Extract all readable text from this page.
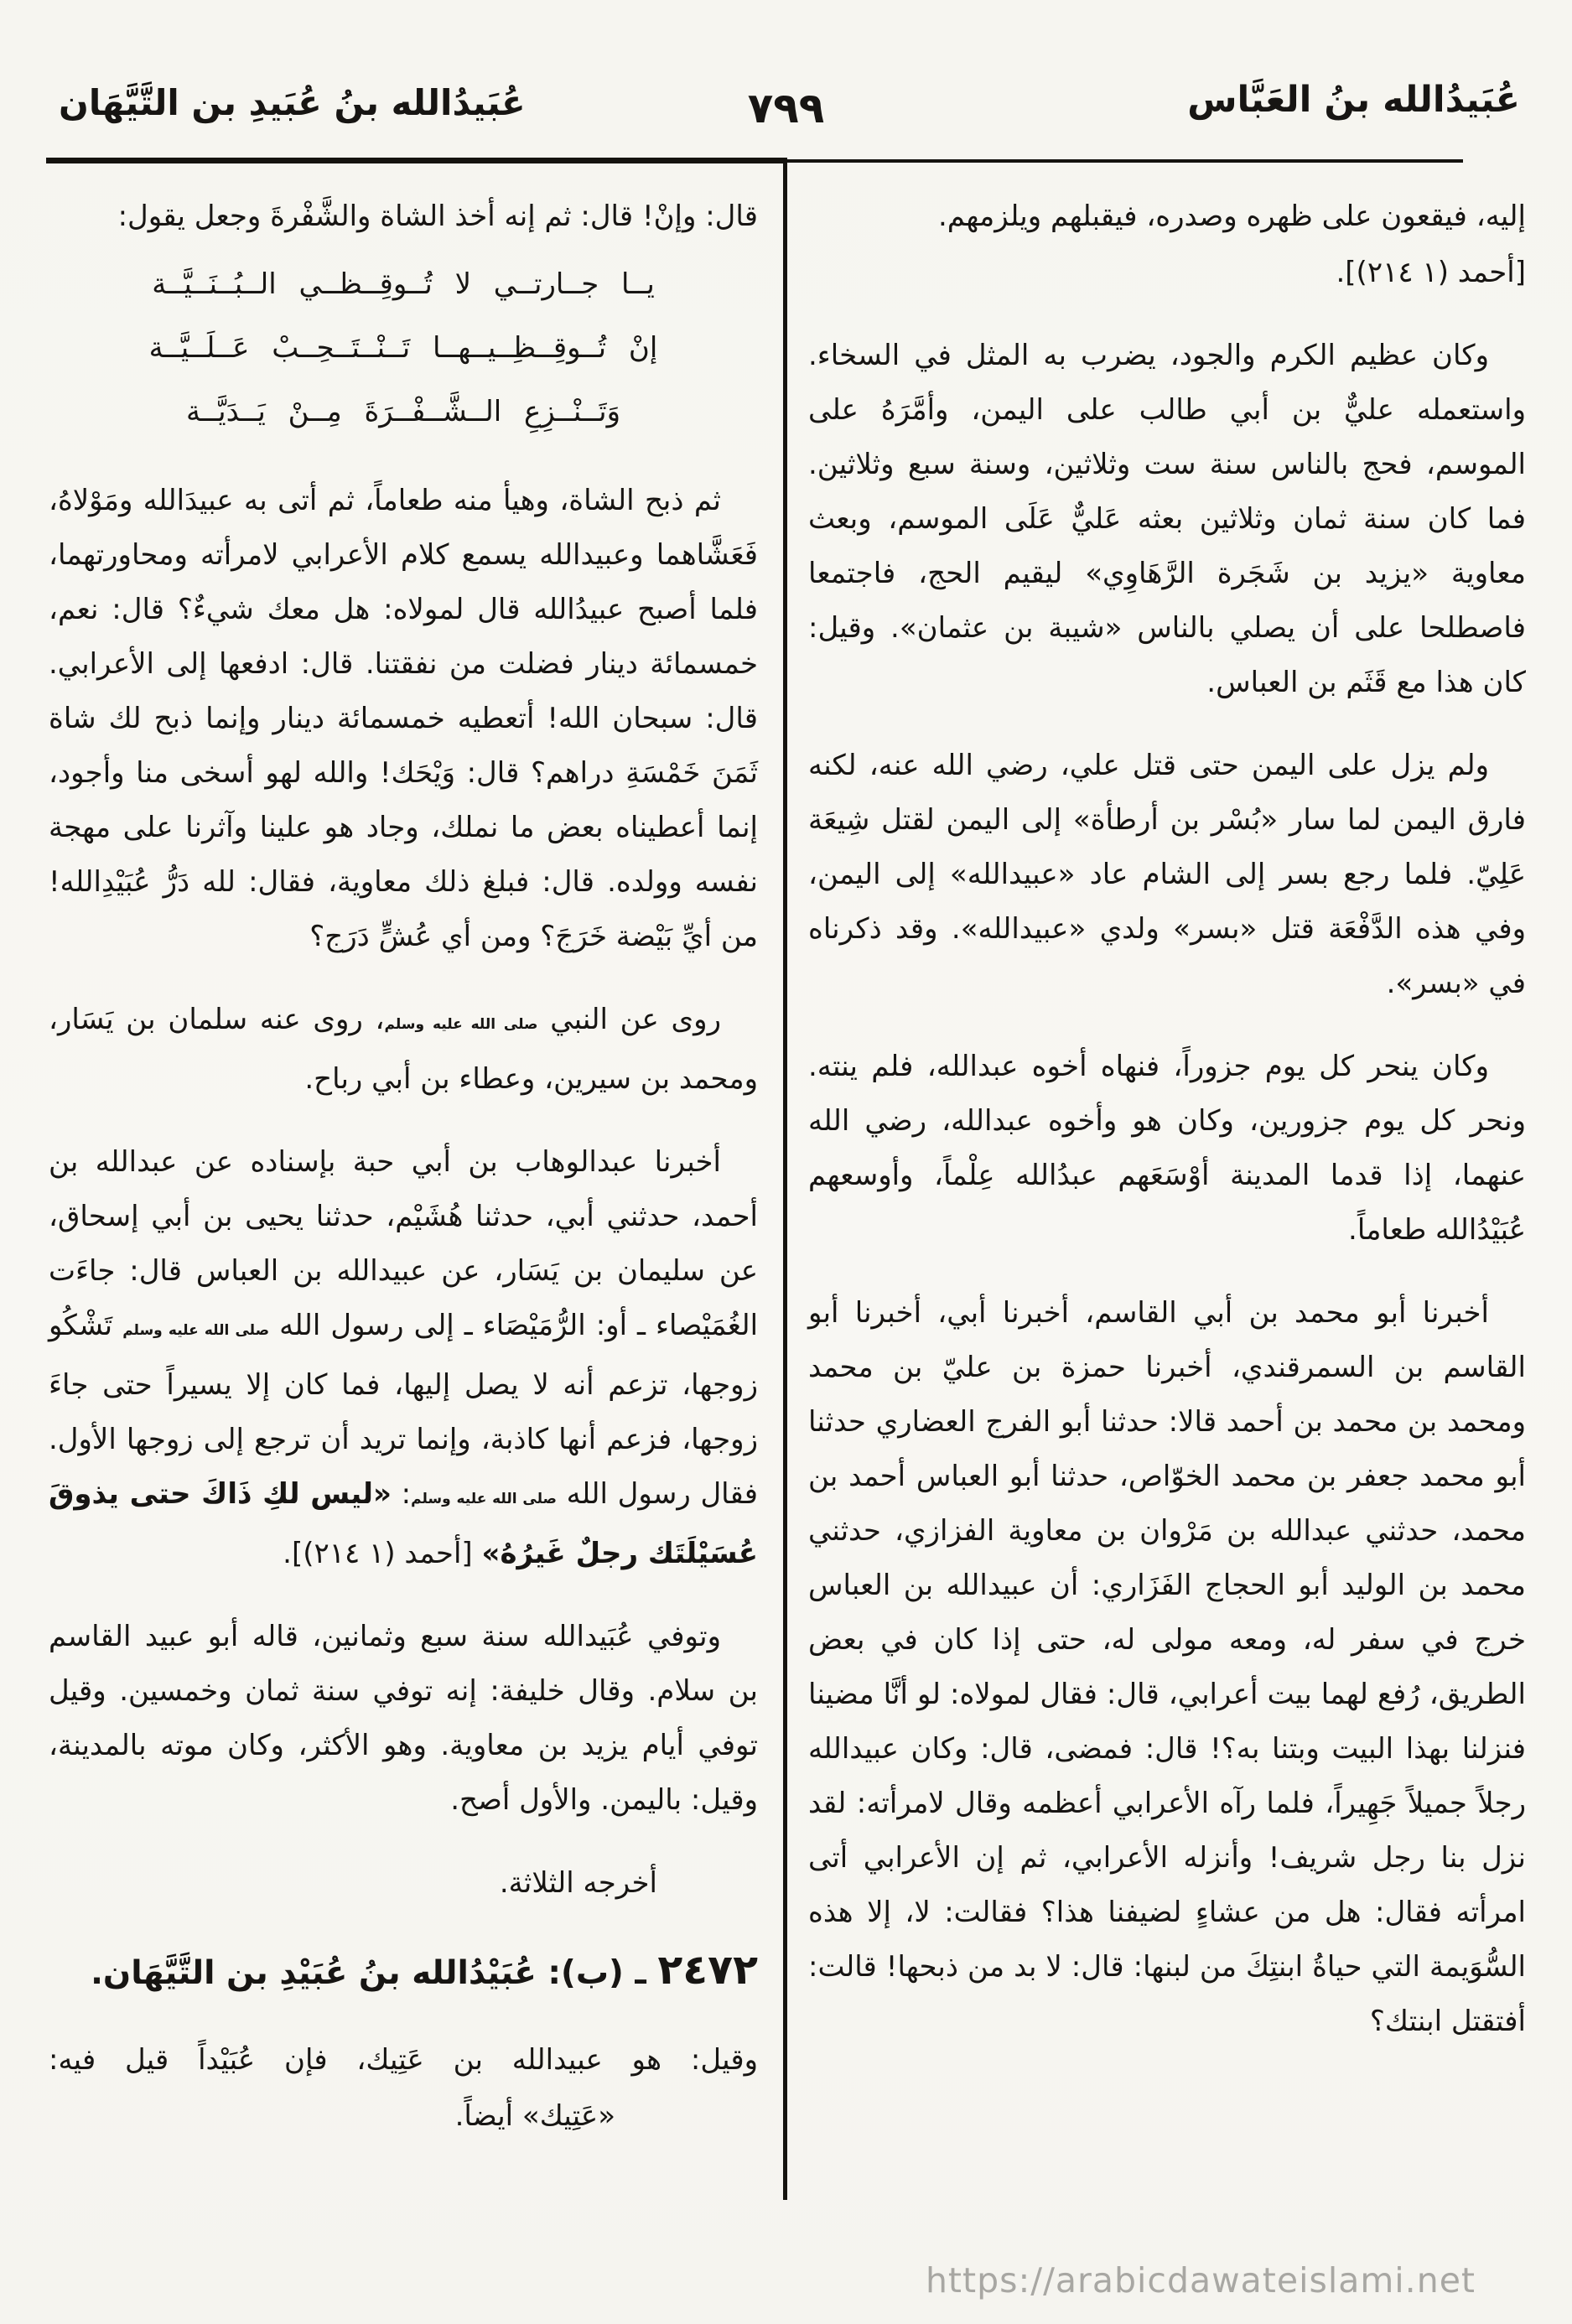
عُبَيدُالله بنُ العَبَّاس
٧٩٩
عُبَيدُالله بنُ عُبَيدِ بن التَّيَّهَان
إليه، فيقعون على ظهره وصدره، فيقبلهم ويلزمهم.
[أحمد (١ ٢١٤)].
وكان عظيم الكرم والجود، يضرب به المثل في السخاء. واستعمله عليٌّ بن أبي طالب على اليمن، وأمَّرَهُ على الموسم، فحج بالناس سنة ست وثلاثين، وسنة سبع وثلاثين. فما كان سنة ثمان وثلاثين بعثه عَليٌّ عَلَى الموسم، وبعث معاوية «يزيد بن شَجَرة الرَّهَاوِي» ليقيم الحج، فاجتمعا فاصطلحا على أن يصلي بالناس «شيبة بن عثمان». وقيل: كان هذا مع قَثَم بن العباس.
ولم يزل على اليمن حتى قتل علي، رضي الله عنه، لكنه فارق اليمن لما سار «بُسْر بن أرطأة» إلى اليمن لقتل شِيعَة عَلِيّ. فلما رجع بسر إلى الشام عاد «عبيدالله» إلى اليمن، وفي هذه الدَّفْعَة قتل «بسر» ولدي «عبيدالله». وقد ذكرناه في «بسر».
وكان ينحر كل يوم جزوراً، فنهاه أخوه عبدالله، فلم ينته. ونحر كل يوم جزورين، وكان هو وأخوه عبدالله، رضي الله عنهما، إذا قدما المدينة أوْسَعَهم عبدُالله عِلْماً، وأوسعهم عُبَيْدُالله طعاماً.
أخبرنا أبو محمد بن أبي القاسم، أخبرنا أبي، أخبرنا أبو القاسم بن السمرقندي، أخبرنا حمزة بن عليّ بن محمد ومحمد بن محمد بن أحمد قالا: حدثنا أبو الفرج العضاري حدثنا أبو محمد جعفر بن محمد الخوّاص، حدثنا أبو العباس أحمد بن محمد، حدثني عبدالله بن مَرْوان بن معاوية الفزازي، حدثني محمد بن الوليد أبو الحجاج الفَزَاري: أن عبيدالله بن العباس خرج في سفر له، ومعه مولى له، حتى إذا كان في بعض الطريق، رُفع لهما بيت أعرابي، قال: فقال لمولاه: لو أنَّا مضينا فنزلنا بهذا البيت وبتنا به؟! قال: فمضى، قال: وكان عبيدالله رجلاً جميلاً جَهِيراً، فلما رآه الأعرابي أعظمه وقال لامرأته: لقد نزل بنا رجل شريف! وأنزله الأعرابي، ثم إن الأعرابي أتى امرأته فقال: هل من عشاءٍ لضيفنا هذا؟ فقالت: لا، إلا هذه السُّوَيمة التي حياةُ ابنتِكَ من لبنها: قال: لا بد من ذبحها! قالت: أفتقتل ابنتك؟
قال: وإنْ! قال: ثم إنه أخذ الشاة والشَّفْرةَ وجعل يقول:
يــا جــارتــي لا تُــوقِــظــي الــبُــنَــيَّــة
إنْ تُــوقِــظِــيــهــا تَــنْــتَــحِــبْ عَــلَــيَّــة
وَتَــنْــزِعِ الــشَّــفْــرَةَ مِــنْ يَــدَيَّــة
ثم ذبح الشاة، وهيأ منه طعاماً، ثم أتى به عبيدَالله ومَوْلاهُ، فَعَشَّاهما وعبيدالله يسمع كلام الأعرابي لامرأته ومحاورتهما، فلما أصبح عبيدُالله قال لمولاه: هل معك شيءٌ؟ قال: نعم، خمسمائة دينار فضلت من نفقتنا. قال: ادفعها إلى الأعرابي. قال: سبحان الله! أتعطيه خمسمائة دينار وإنما ذبح لك شاة ثَمَنَ خَمْسَةِ دراهم؟ قال: وَيْحَك! والله لهو أسخى منا وأجود، إنما أعطيناه بعض ما نملك، وجاد هو علينا وآثرنا على مهجة نفسه وولده. قال: فبلغ ذلك معاوية، فقال: لله دَرُّ عُبَيْدِالله! من أيِّ بَيْضة خَرَجَ؟ ومن أي عُشٍّ دَرَج؟
روى عن النبي صلى الله عليه وسلم، روى عنه سلمان بن يَسَار، ومحمد بن سيرين، وعطاء بن أبي رباح.
أخبرنا عبدالوهاب بن أبي حبة بإسناده عن عبدالله بن أحمد، حدثني أبي، حدثنا هُشَيْم، حدثنا يحيى بن أبي إسحاق، عن سليمان بن يَسَار، عن عبيدالله بن العباس قال: جاءَت الغُمَيْصاء ـ أو: الرُّمَيْصَاء ـ إلى رسول الله صلى الله عليه وسلم تَشْكُو زوجها، تزعم أنه لا يصل إليها، فما كان إلا يسيراً حتى جاءَ زوجها، فزعم أنها كاذبة، وإنما تريد أن ترجع إلى زوجها الأول. فقال رسول الله صلى الله عليه وسلم: «ليس لكِ ذَاكَ حتى يذوقَ عُسَيْلَتَك رجلٌ غَيرُهُ» [أحمد (١ ٢١٤)].
وتوفي عُبَيدالله سنة سبع وثمانين، قاله أبو عبيد القاسم بن سلام. وقال خليفة: إنه توفي سنة ثمان وخمسين. وقيل توفي أيام يزيد بن معاوية. وهو الأكثر، وكان موته بالمدينة، وقيل: باليمن. والأول أصح.
أخرجه الثلاثة.
٢٤٧٢ ـ (ب): عُبَيْدُالله بنُ عُبَيْدِ بن التَّيَّهَان.
وقيل: هو عبيدالله بن عَتِيك، فإن عُبَيْداً قيل فيه:
«عَتِيك» أيضاً.
https://arabicdawateislami.net
